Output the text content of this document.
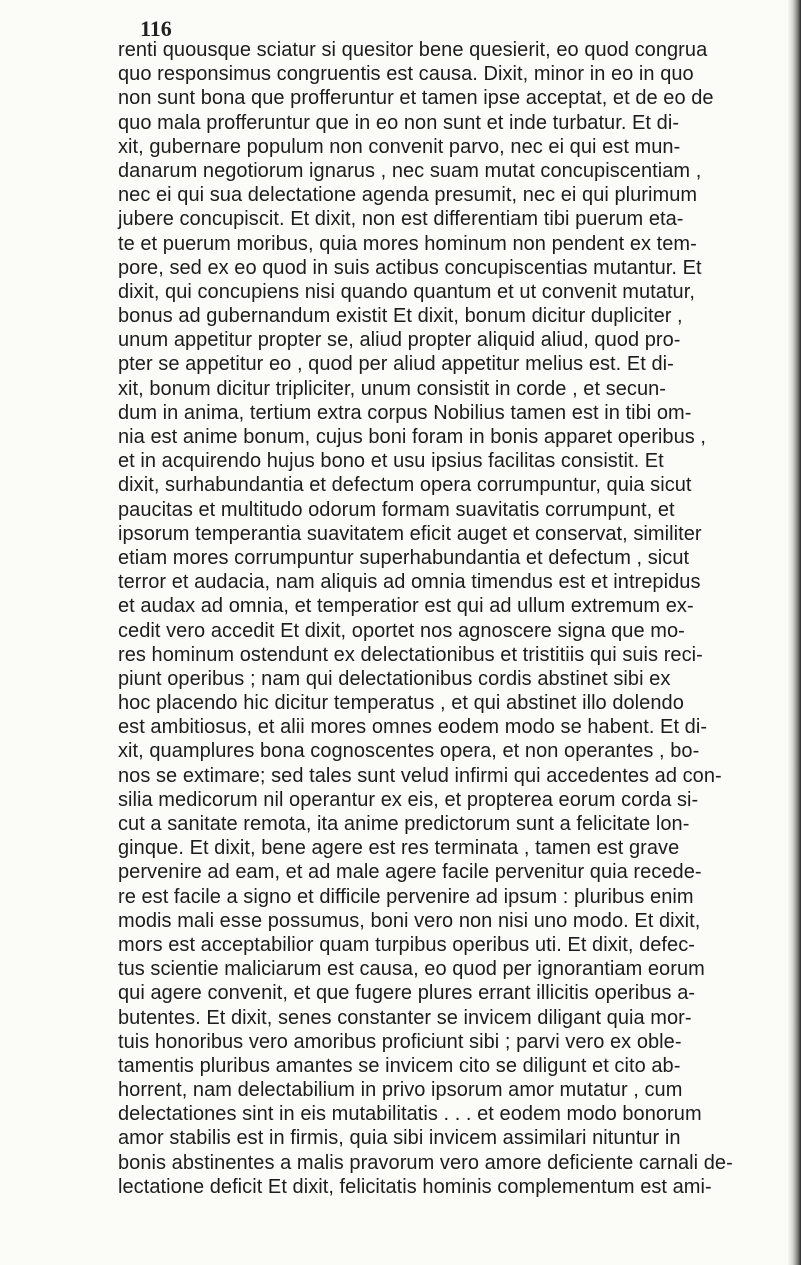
116
renti quousque sciatur si quesitor bene quesierit, eo quod congrua
quo responsimus congruentis est causa. Dixit, minor in eo in quo
non sunt bona que profferuntur et tamen ipse acceptat, et de eo de
quo mala profferuntur que in eo non sunt et inde turbatur. Et di-
xit, gubernare populum non convenit parvo, nec ei qui est mun-
danarum negotiorum ignarus , nec suam mutat concupiscentiam ,
nec ei qui sua delectatione agenda presumit, nec ei qui plurimum
jubere concupiscit. Et dixit, non est differentiam tibi puerum eta-
te et puerum moribus, quia mores hominum non pendent ex tem-
pore, sed ex eo quod in suis actibus concupiscentias mutantur. Et
dixit, qui concupiens nisi quando quantum et ut convenit mutatur,
bonus ad gubernandum existit Et dixit, bonum dicitur dupliciter ,
unum appetitur propter se, aliud propter aliquid aliud, quod pro-
pter se appetitur eo , quod per aliud appetitur melius est. Et di-
xit, bonum dicitur tripliciter, unum consistit in corde , et secun-
dum in anima, tertium extra corpus Nobilius tamen est in tibi om-
nia est anime bonum, cujus boni foram in bonis apparet operibus ,
et in acquirendo hujus bono et usu ipsius facilitas consistit. Et
dixit, surhabundantia et defectum opera corrumpuntur, quia sicut
paucitas et multitudo odorum formam suavitatis corrumpunt, et
ipsorum temperantia suavitatem eficit auget et conservat, similiter
etiam mores corrumpuntur superhabundantia et defectum , sicut
terror et audacia, nam aliquis ad omnia timendus est et intrepidus
et audax ad omnia, et temperatior est qui ad ullum extremum ex-
cedit vero accedit Et dixit, oportet nos agnoscere signa que mo-
res hominum ostendunt ex delectationibus et tristitiis qui suis reci-
piunt operibus ; nam qui delectationibus cordis abstinet sibi ex
hoc placendo hic dicitur temperatus , et qui abstinet illo dolendo
est ambitiosus, et alii mores omnes eodem modo se habent. Et di-
xit, quamplures bona cognoscentes opera, et non operantes , bo-
nos se extimare; sed tales sunt velud infirmi qui accedentes ad con-
silia medicorum nil operantur ex eis, et propterea eorum corda si-
cut a sanitate remota, ita anime predictorum sunt a felicitate lon-
ginque. Et dixit, bene agere est res terminata , tamen est grave
pervenire ad eam, et ad male agere facile pervenitur quia recede-
re est facile a signo et difficile pervenire ad ipsum : pluribus enim
modis mali esse possumus, boni vero non nisi uno modo. Et dixit,
mors est acceptabilior quam turpibus operibus uti. Et dixit, defec-
tus scientie maliciarum est causa, eo quod per ignorantiam eorum
qui agere convenit, et que fugere plures errant illicitis operibus a-
butentes. Et dixit, senes constanter se invicem diligant quia mor-
tuis honoribus vero amoribus proficiunt sibi ; parvi vero ex oble-
tamentis pluribus amantes se invicem cito se diligunt et cito ab-
horrent, nam delectabilium in privo ipsorum amor mutatur , cum
delectationes sint in eis mutabilitatis . . . et eodem modo bonorum
amor stabilis est in firmis, quia sibi invicem assimilari nituntur in
bonis abstinentes a malis pravorum vero amore deficiente carnali de-
lectatione deficit Et dixit, felicitatis hominis complementum est ami-
